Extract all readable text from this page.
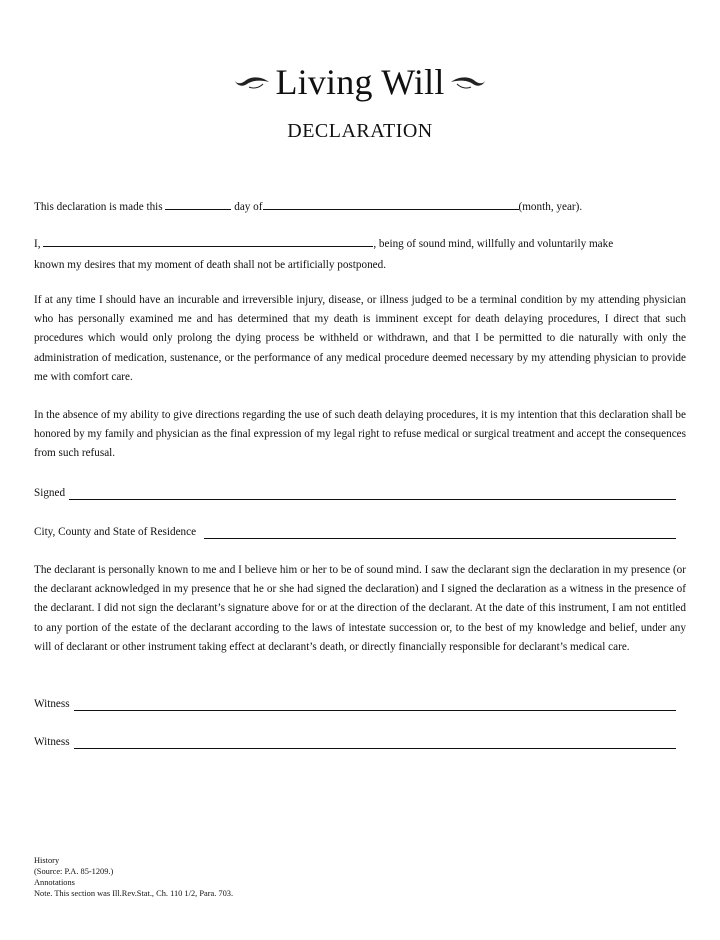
Living Will
DECLARATION
This declaration is made this	day of	(month, year).
I,	, being of sound mind, willfully and voluntarily make
known my desires that my moment of death shall not be artificially postponed.
If at any time I should have an incurable and irreversible injury, disease, or illness judged to be a terminal condition by my attending physician who has personally examined me and has determined that my death is imminent except for death delaying procedures, I direct that such procedures which would only prolong the dying process be withheld or withdrawn, and that I be permitted to die naturally with only the administration of medication, sustenance, or the performance of any medical procedure deemed necessary by my attending physician to provide me with comfort care.
In the absence of my ability to give directions regarding the use of such death delaying procedures, it is my intention that this declaration shall be honored by my family and physician as the final expression of my legal right to refuse medical or surgical treatment and accept the consequences from such refusal.
Signed
City, County and State of Residence
The declarant is personally known to me and I believe him or her to be of sound mind. I saw the declarant sign the declaration in my presence (or the declarant acknowledged in my presence that he or she had signed the declaration) and I signed the declaration as a witness in the presence of the declarant. I did not sign the declarant’s signature above for or at the direction of the declarant. At the date of this instrument, I am not entitled to any portion of the estate of the declarant according to the laws of intestate succession or, to the best of my knowledge and belief, under any will of declarant or other instrument taking effect at declarant’s death, or directly financially responsible for declarant’s medical care.
Witness
Witness
History
(Source: P.A. 85-1209.)
Annotations
Note. This section was Ill.Rev.Stat., Ch. 110 1/2, Para. 703.
